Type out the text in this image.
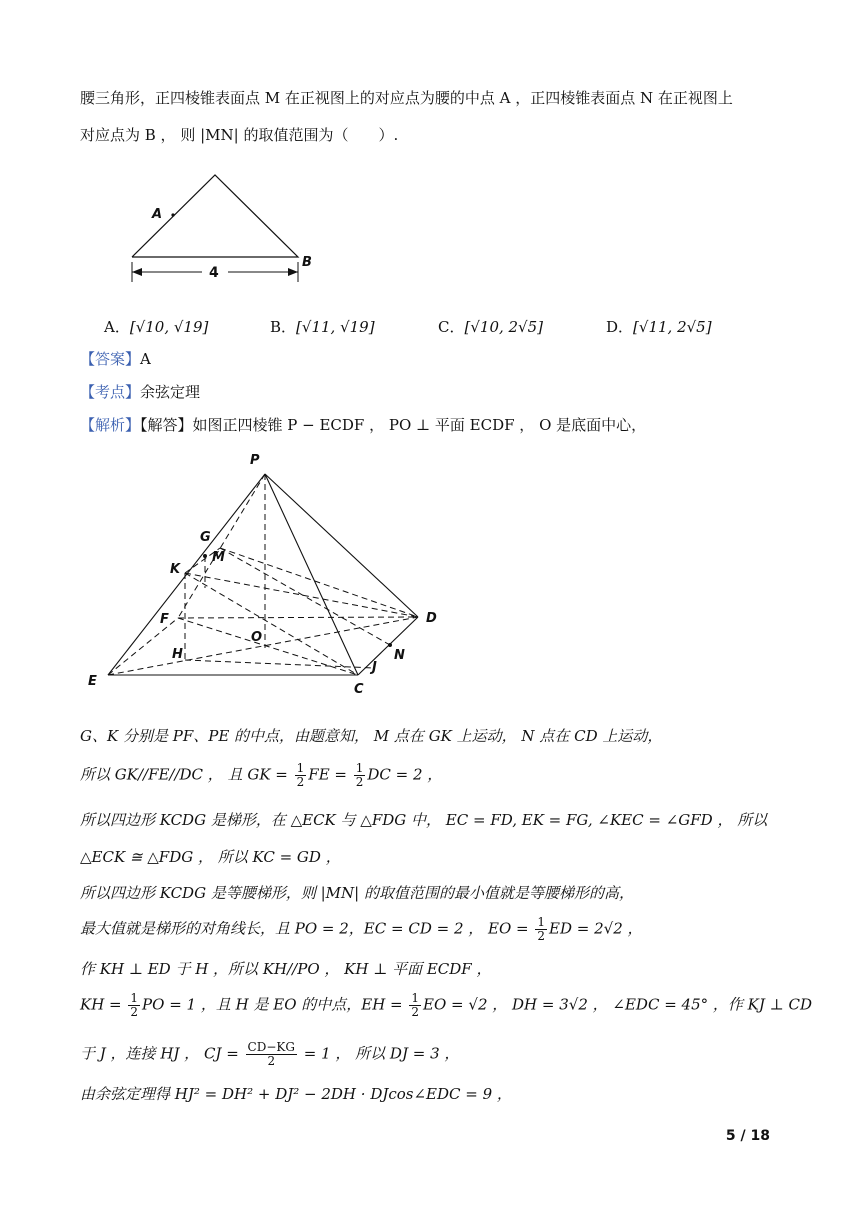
腰三角形，正四棱锥表面点 M 在正视图上的对应点为腰的中点 A ，正四棱锥表面点 N 在正视图上
对应点为 B ， 则 |MN| 的取值范围为（　　）.
A
B
4
A．[√10, √19]	B．[√11, √19]	C．[√10, 2√5]	D．[√11, 2√5]
【答案】A
【考点】余弦定理
【解析】【解答】如图正四棱锥 P − ECDF ， PO ⊥ 平面 ECDF ， O 是底面中心，
P
G
M
K
F
O
D
H	N
J
E
C
G、K 分别是 PF、PE 的中点，由题意知， M 点在 GK 上运动， N 点在 CD 上运动，
所以 GK//FE//DC ， 且 GK = $\frac{1}{2}$ FE = $\frac{1}{2}$ DC = 2 ，
所以四边形 KCDG 是梯形，在 △ECK 与 △FDG 中， EC = FD, EK = FG, ∠KEC = ∠GFD ， 所以
△ECK ≅ △FDG ， 所以 KC = GD ，
所以四边形 KCDG 是等腰梯形，则 |MN| 的取值范围的最小值就是等腰梯形的高，
最大值就是梯形的对角线长，且 PO = 2，EC = CD = 2 ， EO = $\frac{1}{2}$ ED = 2√2 ，
作 KH ⊥ ED 于 H ，所以 KH//PO ， KH ⊥ 平面 ECDF ，
KH = $\frac{1}{2}$ PO = 1 ，且 H 是 EO 的中点，EH = $\frac{1}{2}$ EO = √2 ， DH = 3√2 ， ∠EDC = 45° ，作 KJ ⊥ CD
于 J ，连接 HJ ， CJ = $\frac{CD-KG}{2} = 1$ ， 所以 DJ = 3 ，
由余弦定理得 HJ² = DH² + DJ² − 2DH · DJcos∠EDC = 9 ，
5 / 18
